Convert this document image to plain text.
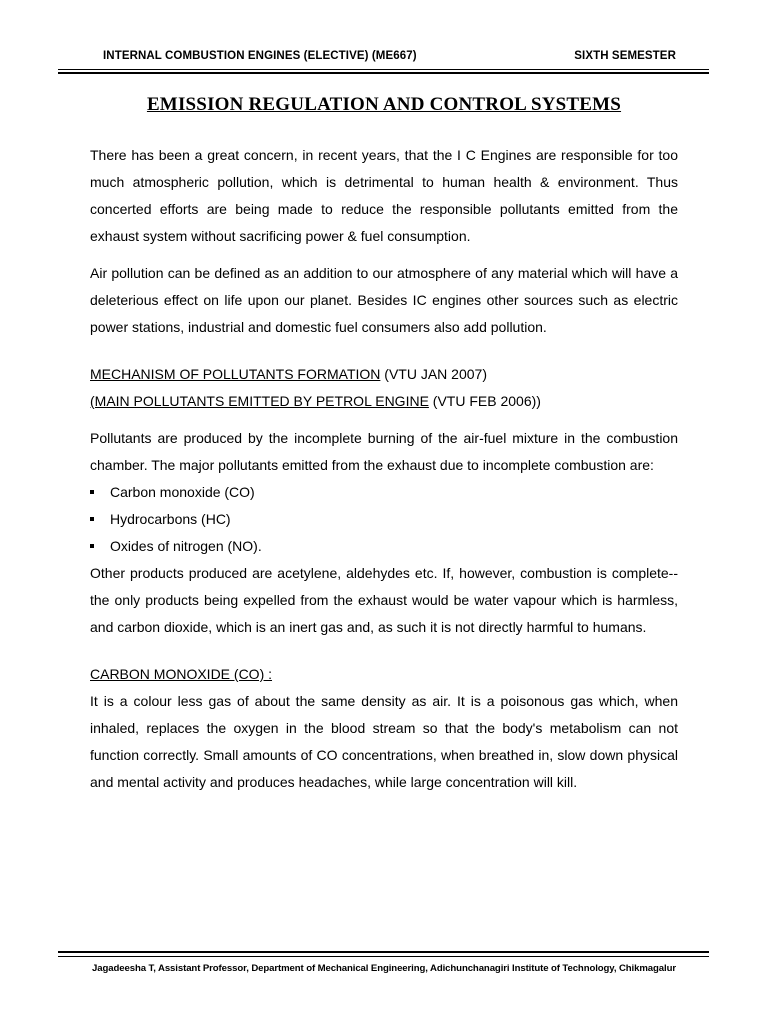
INTERNAL COMBUSTION ENGINES (ELECTIVE) (ME667)	SIXTH SEMESTER
EMISSION REGULATION AND CONTROL SYSTEMS

There has been a great concern, in recent years, that the I C Engines are responsible for too much atmospheric pollution, which is detrimental to human health & environment. Thus concerted efforts are being made to reduce the responsible pollutants emitted from the exhaust system without sacrificing power & fuel consumption.

Air pollution can be defined as an addition to our atmosphere of any material which will have a deleterious effect on life upon our planet. Besides IC engines other sources such as electric power stations, industrial and domestic fuel consumers also add pollution.

MECHANISM OF POLLUTANTS FORMATION (VTU JAN 2007)
(MAIN POLLUTANTS EMITTED BY PETROL ENGINE (VTU FEB 2006))

Pollutants are produced by the incomplete burning of the air-fuel mixture in the combustion chamber. The major pollutants emitted from the exhaust due to incomplete combustion are:

Carbon monoxide (CO)
Hydrocarbons (HC)
Oxides of nitrogen (NO).

Other products produced are acetylene, aldehydes etc. If, however, combustion is complete-- the only products being expelled from the exhaust would be water vapour which is harmless, and carbon dioxide, which is an inert gas and, as such it is not directly harmful to humans.

CARBON MONOXIDE (CO) :

It is a colour less gas of about the same density as air. It is a poisonous gas which, when inhaled, replaces the oxygen in the blood stream so that the body's metabolism can not function correctly. Small amounts of CO concentrations, when breathed in, slow down physical and mental activity and produces headaches, while large concentration will kill.

Jagadeesha T, Assistant Professor, Department of Mechanical Engineering, Adichunchanagiri Institute of Technology, Chikmagalur
